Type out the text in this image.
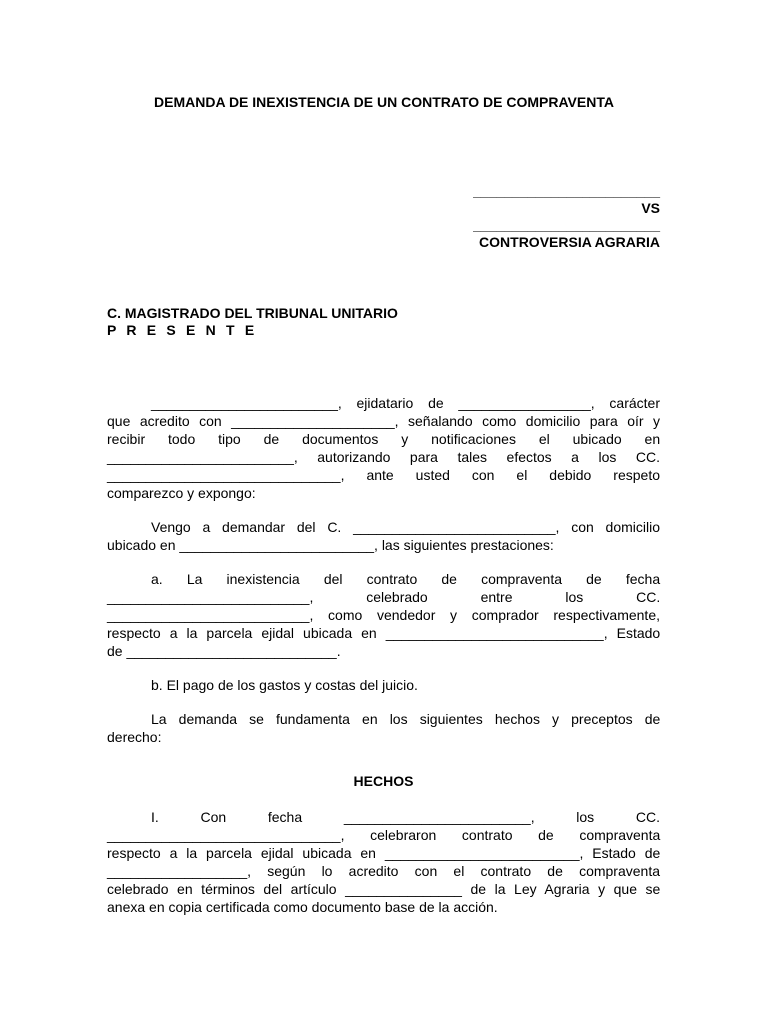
DEMANDA DE INEXISTENCIA DE UN CONTRATO DE COMPRAVENTA
________________________
VS
________________________
CONTROVERSIA AGRARIA
C. MAGISTRADO DEL TRIBUNAL UNITARIO
P R E S E N T E
________________________, ejidatario de _________________, carácter
que acredito con _____________________, señalando como domicilio para oír y
recibir todo tipo de documentos y notificaciones el ubicado en
________________________, autorizando para tales efectos a los CC.
______________________________, ante usted con el debido respeto
comparezco y expongo:
Vengo a demandar del C. __________________________, con domicilio
ubicado en _________________________, las siguientes prestaciones:
a. La inexistencia del contrato de compraventa de fecha
__________________________, celebrado entre los CC.
__________________________, como vendedor y comprador respectivamente,
respecto a la parcela ejidal ubicada en ____________________________, Estado
de ___________________________.
b. El pago de los gastos y costas del juicio.
La demanda se fundamenta en los siguientes hechos y preceptos de
derecho:
HECHOS
I. Con fecha ________________________, los CC.
______________________________, celebraron contrato de compraventa
respecto a la parcela ejidal ubicada en _________________________, Estado de
__________________, según lo acredito con el contrato de compraventa
celebrado en términos del artículo _______________ de la Ley Agraria y que se
anexa en copia certificada como documento base de la acción.
